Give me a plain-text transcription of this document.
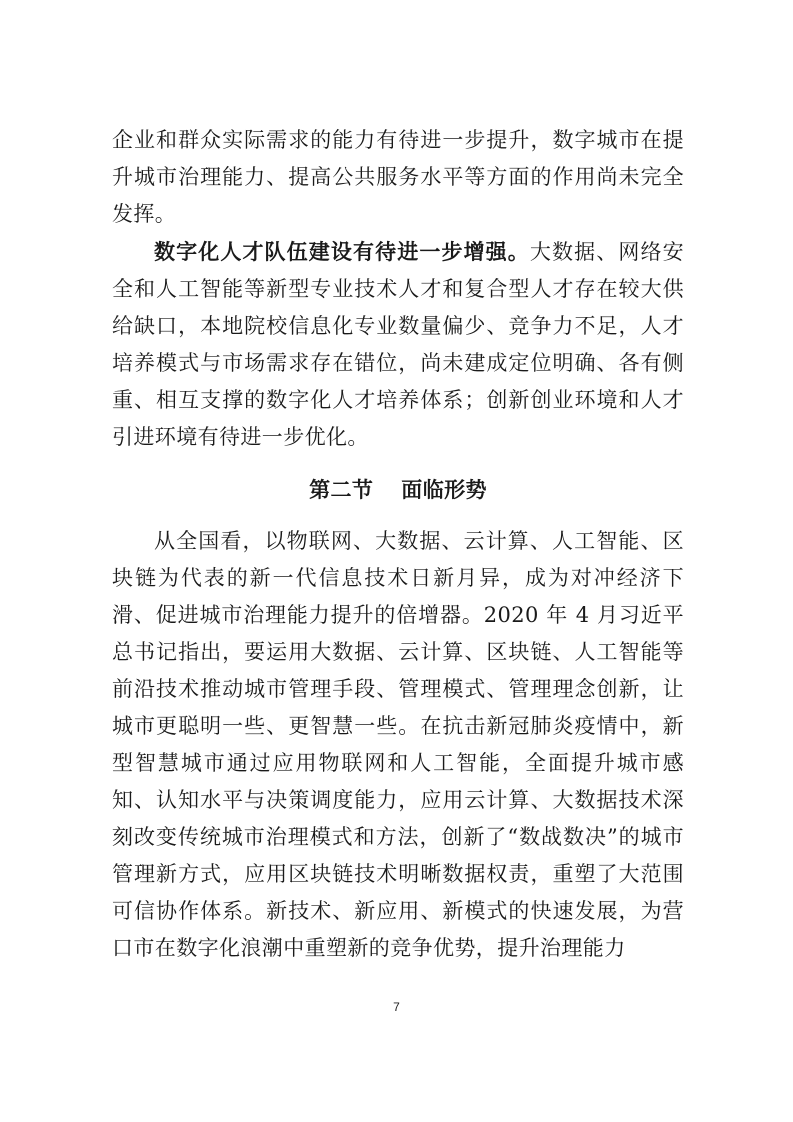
企业和群众实际需求的能力有待进一步提升，数字城市在提升城市治理能力、提高公共服务水平等方面的作用尚未完全发挥。

数字化人才队伍建设有待进一步增强。大数据、网络安全和人工智能等新型专业技术人才和复合型人才存在较大供给缺口，本地院校信息化专业数量偏少、竞争力不足，人才培养模式与市场需求存在错位，尚未建成定位明确、各有侧重、相互支撑的数字化人才培养体系；创新创业环境和人才引进环境有待进一步优化。

第二节 面临形势

从全国看，以物联网、大数据、云计算、人工智能、区块链为代表的新一代信息技术日新月异，成为对冲经济下滑、促进城市治理能力提升的倍增器。2020 年 4 月习近平总书记指出，要运用大数据、云计算、区块链、人工智能等前沿技术推动城市管理手段、管理模式、管理理念创新，让城市更聪明一些、更智慧一些。在抗击新冠肺炎疫情中，新型智慧城市通过应用物联网和人工智能，全面提升城市感知、认知水平与决策调度能力，应用云计算、大数据技术深刻改变传统城市治理模式和方法，创新了“数战数决”的城市管理新方式，应用区块链技术明晰数据权责，重塑了大范围可信协作体系。新技术、新应用、新模式的快速发展，为营口市在数字化浪潮中重塑新的竞争优势，提升治理能力

7
